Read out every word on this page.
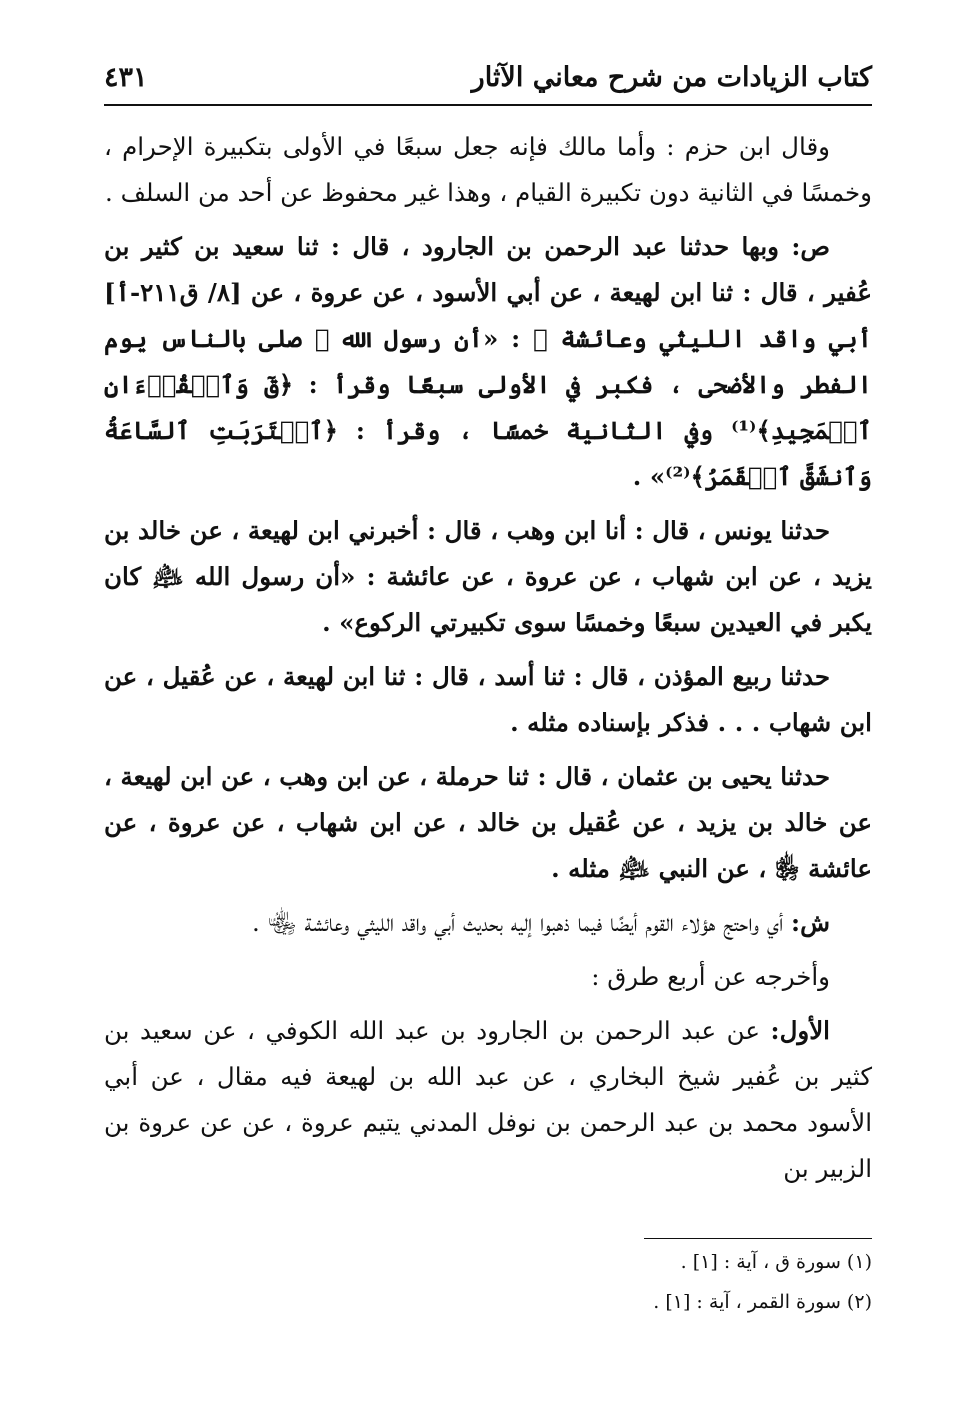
كتاب الزيادات من شرح معاني الآثار
٤٣١

وقال ابن حزم : وأما مالك فإنه جعل سبعًا في الأولى بتكبيرة الإحرام ، وخمسًا في الثانية دون تكبيرة القيام ، وهذا غير محفوظ عن أحد من السلف .

ص: وبها حدثنا عبد الرحمن بن الجارود ، قال : ثنا سعيد بن كثير بن عُفير ، قال : ثنا ابن لهيعة ، عن أبي الأسود ، عن عروة ، عن [٨/ ق٢١١-أ] أبي واقد الليثي وعائشة ﵄ : «أن رسول الله ﷺ صلى بالناس يوم الفطر والأضحى ، فكبر في الأولى سبعًا وقرأ : ﴿قٓ وَٱلۡقُرۡءَانِ ٱلۡمَجِيدِ﴾⁽¹⁾ وفي الثانية خمسًا ، وقرأ : ﴿ٱقۡتَرَبَتِ ٱلسَّاعَةُ وَٱنشَقَّ ٱلۡقَمَرُ﴾⁽²⁾» .

حدثنا يونس ، قال : أنا ابن وهب ، قال : أخبرني ابن لهيعة ، عن خالد بن يزيد ، عن ابن شهاب ، عن عروة ، عن عائشة : «أن رسول الله ﵇ كان يكبر في العيدين سبعًا وخمسًا سوى تكبيرتي الركوع» .

حدثنا ربيع المؤذن ، قال : ثنا أسد ، قال : ثنا ابن لهيعة ، عن عُقيل ، عن ابن شهاب . . . فذكر بإسناده مثله .

حدثنا يحيى بن عثمان ، قال : ثنا حرملة ، عن ابن وهب ، عن ابن لهيعة ، عن خالد بن يزيد ، عن عُقيل بن خالد ، عن ابن شهاب ، عن عروة ، عن عائشة ﵂ ، عن النبي ﵇ مثله .

ش: أي واحتج هؤلاء القوم أيضًا فيما ذهبوا إليه بحديث أبي واقد الليثي وعائشة ﵄ .

وأخرجه عن أربع طرق :

الأول: عن عبد الرحمن بن الجارود بن عبد الله الكوفي ، عن سعيد بن كثير بن عُفير شيخ البخاري ، عن عبد الله بن لهيعة فيه مقال ، عن أبي الأسود محمد بن عبد الرحمن بن نوفل المدني يتيم عروة ، عن عن عروة بن الزبير بن

(١) سورة ق ، آية : [١] .

(٢) سورة القمر ، آية : [١] .
